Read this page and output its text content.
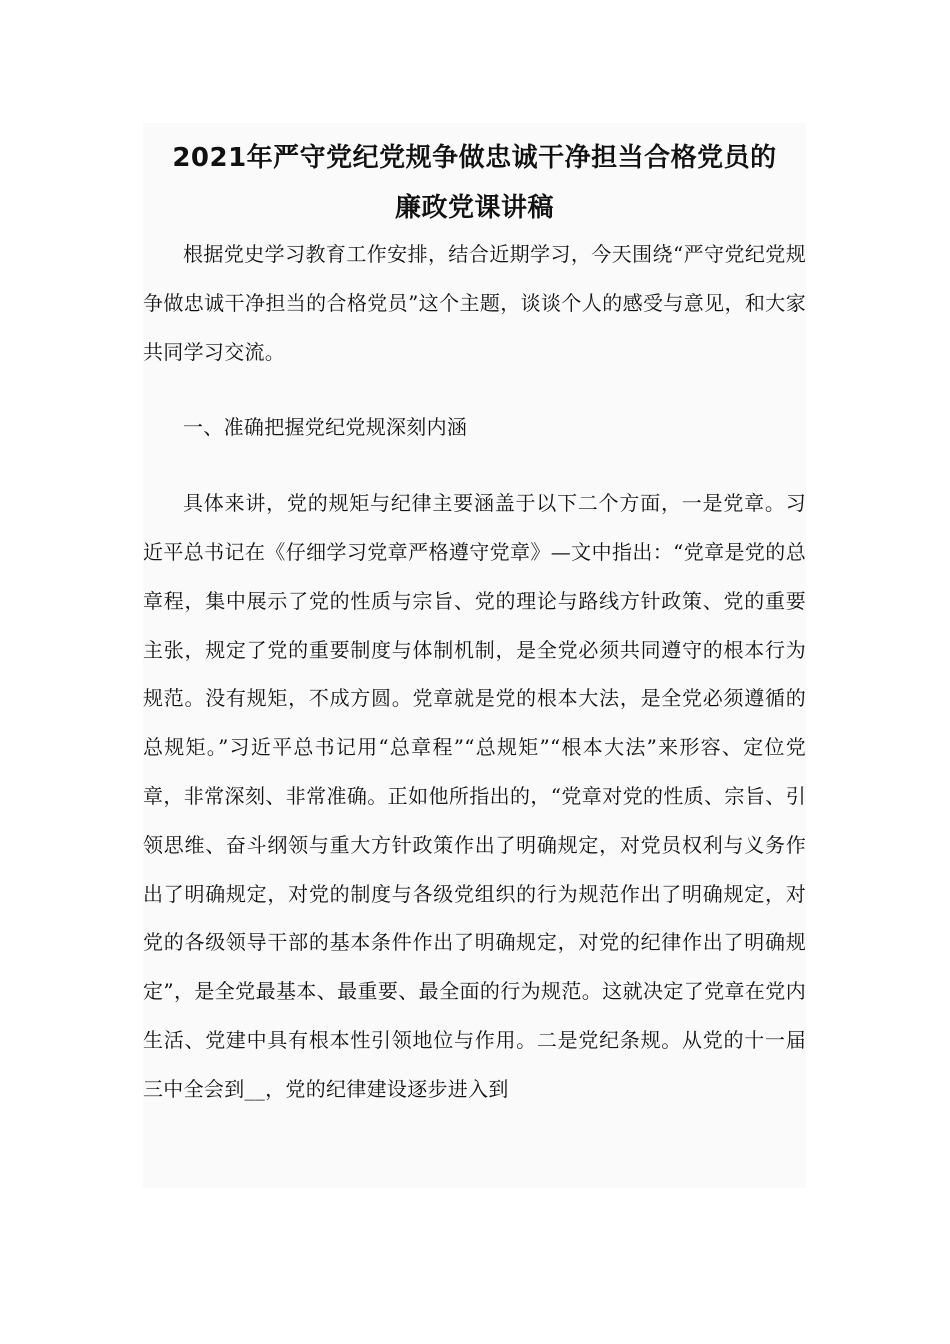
2021年严守党纪党规争做忠诚干净担当合格党员的
廉政党课讲稿

根据党史学习教育工作安排，结合近期学习，今天围绕“严守党纪党规争做忠诚干净担当的合格党员”这个主题，谈谈个人的感受与意见，和大家共同学习交流。

一、准确把握党纪党规深刻内涵

具体来讲，党的规矩与纪律主要涵盖于以下二个方面，一是党章。习近平总书记在《仔细学习党章严格遵守党章》—文中指出：“党章是党的总章程，集中展示了党的性质与宗旨、党的理论与路线方针政策、党的重要主张，规定了党的重要制度与体制机制，是全党必须共同遵守的根本行为规范。没有规矩，不成方圆。党章就是党的根本大法，是全党必须遵循的总规矩。”习近平总书记用“总章程”“总规矩”“根本大法”来形容、定位党章，非常深刻、非常准确。正如他所指出的，“党章对党的性质、宗旨、引领思维、奋斗纲领与重大方针政策作出了明确规定，对党员权利与义务作出了明确规定，对党的制度与各级党组织的行为规范作出了明确规定，对党的各级领导干部的基本条件作出了明确规定，对党的纪律作出了明确规定”，是全党最基本、最重要、最全面的行为规范。这就决定了党章在党内生活、党建中具有根本性引领地位与作用。二是党纪条规。从党的十一届三中全会到__，党的纪律建设逐步进入到
